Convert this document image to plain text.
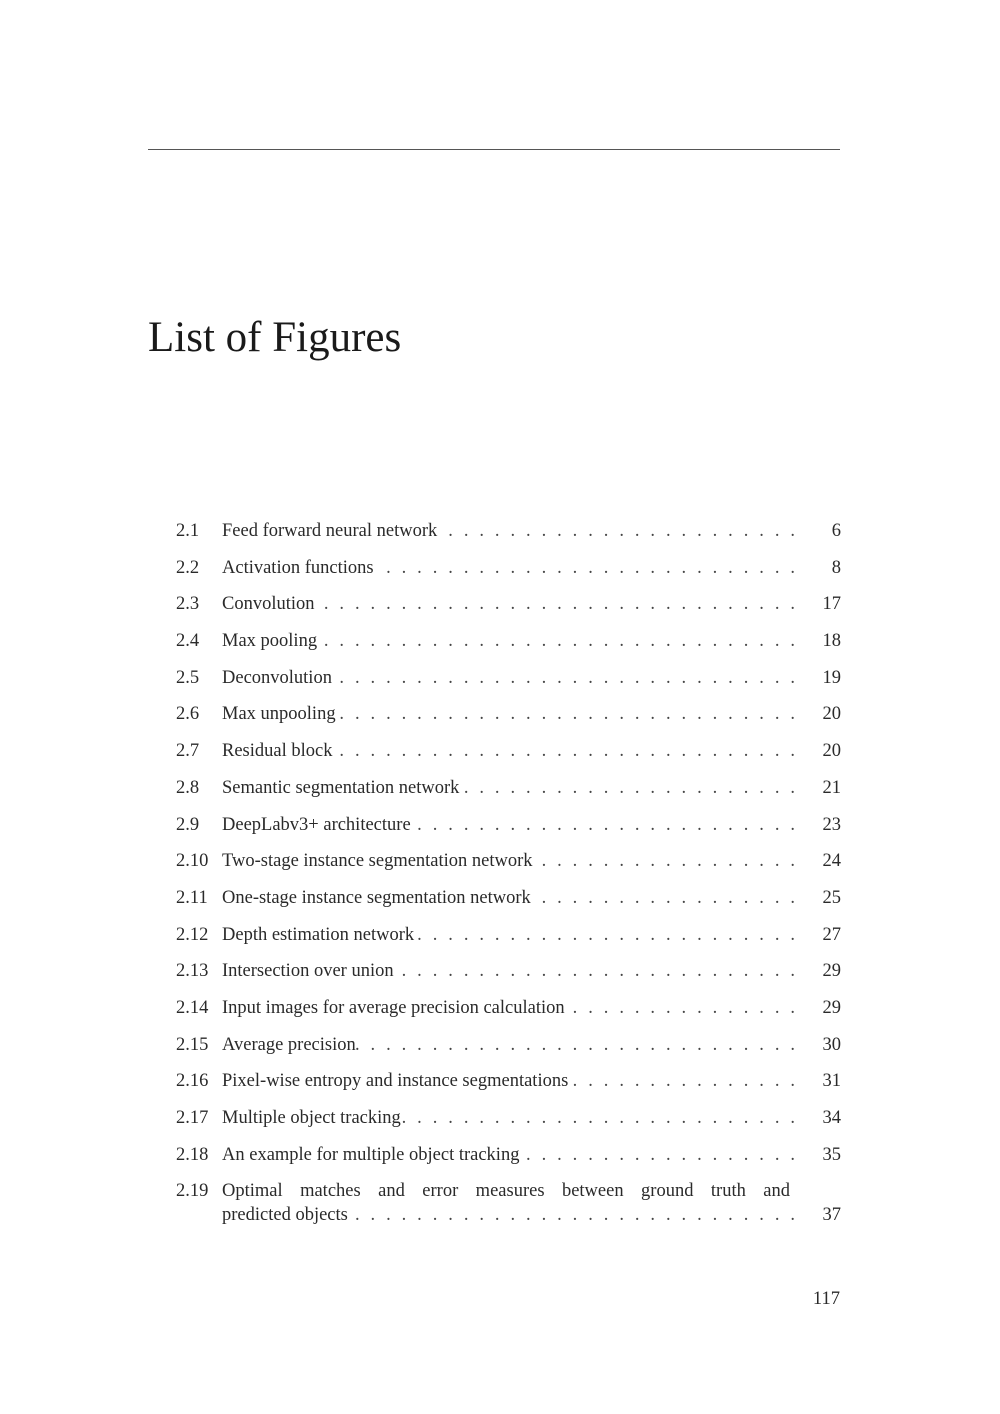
List of Figures
2.1	Feed forward neural network . . .	6
2.2	Activation functions . . .	8
2.3	Convolution . . .	17
2.4	Max pooling . . .	18
2.5	Deconvolution . . .	19
2.6	Max unpooling . . .	20
2.7	Residual block . . .	20
2.8	Semantic segmentation network . . .	21
2.9	DeepLabv3+ architecture . . .	23
2.10 Two-stage instance segmentation network . . .	24
2.11 One-stage instance segmentation network . . .	25
2.12 Depth estimation network . . .	27
2.13 Intersection over union . . .	29
2.14 Input images for average precision calculation . . .	29
2.15 Average precision . . .	30
2.16 Pixel-wise entropy and instance segmentations . . .	31
2.17 Multiple object tracking . . .	34
2.18 An example for multiple object tracking . . .	35
2.19 Optimal matches and error measures between ground truth and
predicted objects . . .	37
117
